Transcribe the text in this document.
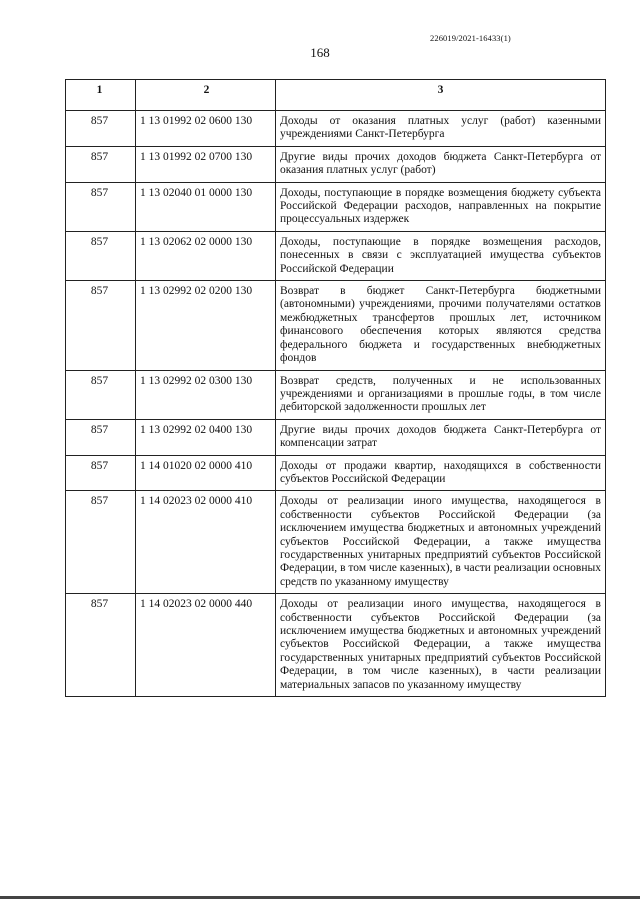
226019/2021-16433(1)
168
1	2	3
857	1 13 01992 02 0600 130	Доходы от оказания платных услуг (работ) казенными учреждениями Санкт-Петербурга
857	1 13 01992 02 0700 130	Другие виды прочих доходов бюджета Санкт-Петербурга от оказания платных услуг (работ)
857	1 13 02040 01 0000 130	Доходы, поступающие в порядке возмещения бюджету субъекта Российской Федерации расходов, направленных на покрытие процессуальных издержек
857	1 13 02062 02 0000 130	Доходы, поступающие в порядке возмещения расходов, понесенных в связи с эксплуатацией имущества субъектов Российской Федерации
857	1 13 02992 02 0200 130	Возврат в бюджет Санкт-Петербурга бюджетными (автономными) учреждениями, прочими получателями остатков межбюджетных трансфертов прошлых лет, источником финансового обеспечения которых являются средства федерального бюджета и государственных внебюджетных фондов
857	1 13 02992 02 0300 130	Возврат средств, полученных и не использованных учреждениями и организациями в прошлые годы, в том числе дебиторской задолженности прошлых лет
857	1 13 02992 02 0400 130	Другие виды прочих доходов бюджета Санкт-Петербурга от компенсации затрат
857	1 14 01020 02 0000 410	Доходы от продажи квартир, находящихся в собственности субъектов Российской Федерации
857	1 14 02023 02 0000 410	Доходы от реализации иного имущества, находящегося в собственности субъектов Российской Федерации (за исключением имущества бюджетных и автономных учреждений субъектов Российской Федерации, а также имущества государственных унитарных предприятий субъектов Российской Федерации, в том числе казенных), в части реализации основных средств по указанному имуществу
857	1 14 02023 02 0000 440	Доходы от реализации иного имущества, находящегося в собственности субъектов Российской Федерации (за исключением имущества бюджетных и автономных учреждений субъектов Российской Федерации, а также имущества государственных унитарных предприятий субъектов Российской Федерации, в том числе казенных), в части реализации материальных запасов по указанному имуществу
